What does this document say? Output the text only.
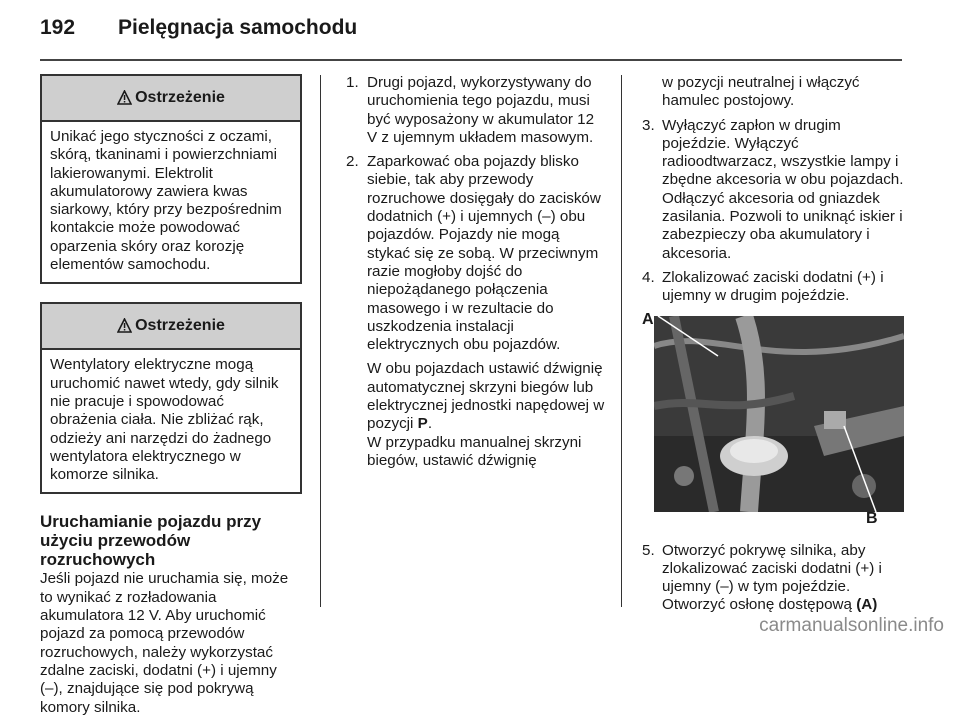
192 Pielęgnacja samochodu
Ostrzeżenie
Unikać jego styczności z oczami, skórą, tkaninami i powierzchniami lakierowanymi. Elektrolit akumulatorowy zawiera kwas siarkowy, który przy bezpośrednim kontakcie może powodować oparzenia skóry oraz korozję elementów samochodu.
Ostrzeżenie
Wentylatory elektryczne mogą uruchomić nawet wtedy, gdy silnik nie pracuje i spowodować obrażenia ciała. Nie zbliżać rąk, odzieży ani narzędzi do żadnego wentylatora elektrycznego w komorze silnika.
Uruchamianie pojazdu przy użyciu przewodów rozruchowych

Jeśli pojazd nie uruchamia się, może to wynikać z rozładowania akumulatora 12 V. Aby uruchomić pojazd za pomocą przewodów rozruchowych, należy wykorzystać zdalne zaciski, dodatni (+) i ujemny (–), znajdujące się pod pokrywą komory silnika.

1. Drugi pojazd, wykorzystywany do uruchomienia tego pojazdu, musi być wyposażony w akumulator 12 V z ujemnym układem masowym.
2. Zaparkować oba pojazdy blisko siebie, tak aby przewody rozruchowe dosięgały do zacisków dodatnich (+) i ujemnych (–) obu pojazdów. Pojazdy nie mogą stykać się ze sobą. W przeciwnym razie mogłoby dojść do niepożądanego połączenia masowego i w rezultacie do uszkodzenia instalacji elektrycznych obu pojazdów.

W obu pojazdach ustawić dźwignię automatycznej skrzyni biegów lub elektrycznej jednostki napędowej w pozycji P.
W przypadku manualnej skrzyni biegów, ustawić dźwignię

w pozycji neutralnej i włączyć hamulec postojowy.

3. Wyłączyć zapłon w drugim pojeździe. Wyłączyć radioodtwarzacz, wszystkie lampy i zbędne akcesoria w obu pojazdach. Odłączyć akcesoria od gniazdek zasilania. Pozwoli to uniknąć iskier i zabezpieczy oba akumulatory i akcesoria.
4. Zlokalizować zaciski dodatni (+) i ujemny w drugim pojeździe.
A
B
5. Otworzyć pokrywę silnika, aby zlokalizować zaciski dodatni (+) i ujemny (–) w tym pojeździe. Otworzyć osłonę dostępową (A)
carmanualsonline.info
